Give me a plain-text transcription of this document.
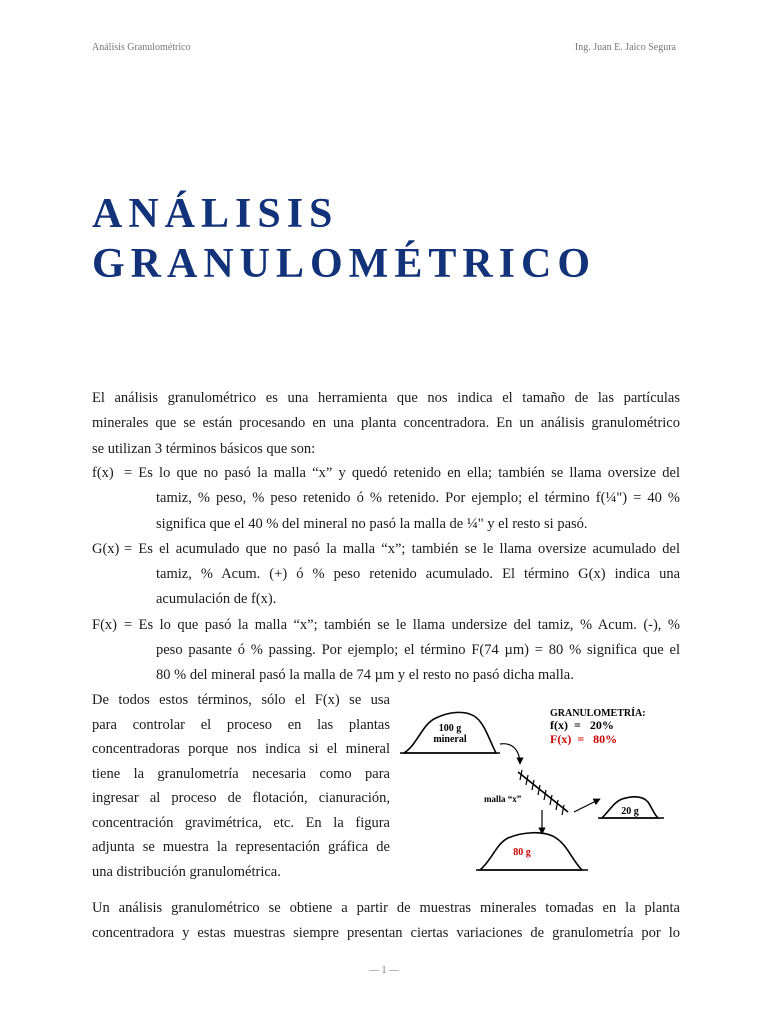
Análisis Granulométrico	Ing. Juan E. Jaico Segura
ANÁLISIS
GRANULOMÉTRICO
El análisis granulométrico es una herramienta que nos indica el tamaño de las partículas
minerales que se están procesando en una planta concentradora. En un análisis granulométrico
se utilizan 3 términos básicos que son:
f(x) = Es lo que no pasó la malla “x” y quedó retenido en ella; también se llama oversize del
tamiz, % peso, % peso retenido ó % retenido. Por ejemplo; el término f(¼") = 40 %
significa que el 40 % del mineral no pasó la malla de ¼" y el resto si pasó.
G(x) = Es el acumulado que no pasó la malla “x”; también se le llama oversize acumulado del
tamiz, % Acum. (+) ó % peso retenido acumulado. El término G(x) indica una
acumulación de f(x).
F(x) = Es lo que pasó la malla “x”; también se le llama undersize del tamiz, % Acum. (-), %
peso pasante ó % passing. Por ejemplo; el término F(74 µm) = 80 % significa que el
80 % del mineral pasó la malla de 74 µm y el resto no pasó dicha malla.
De todos estos términos, sólo el F(x) se usa
para controlar el proceso en las plantas
concentradoras porque nos indica si el mineral
tiene la granulometría necesaria como para
ingresar al proceso de flotación, cianuración,
concentración gravimétrica, etc. En la figura
adjunta se muestra la representación gráfica de
una distribución granulométrica.
GRANULOMETRÍA:
f(x)  =   20%
F(x)  =   80%
100 g
mineral
malla “x”
20 g
80 g
Un análisis granulométrico se obtiene a partir de muestras minerales tomadas en la planta
concentradora y estas muestras siempre presentan ciertas variaciones de granulometría por lo
— 1 —
